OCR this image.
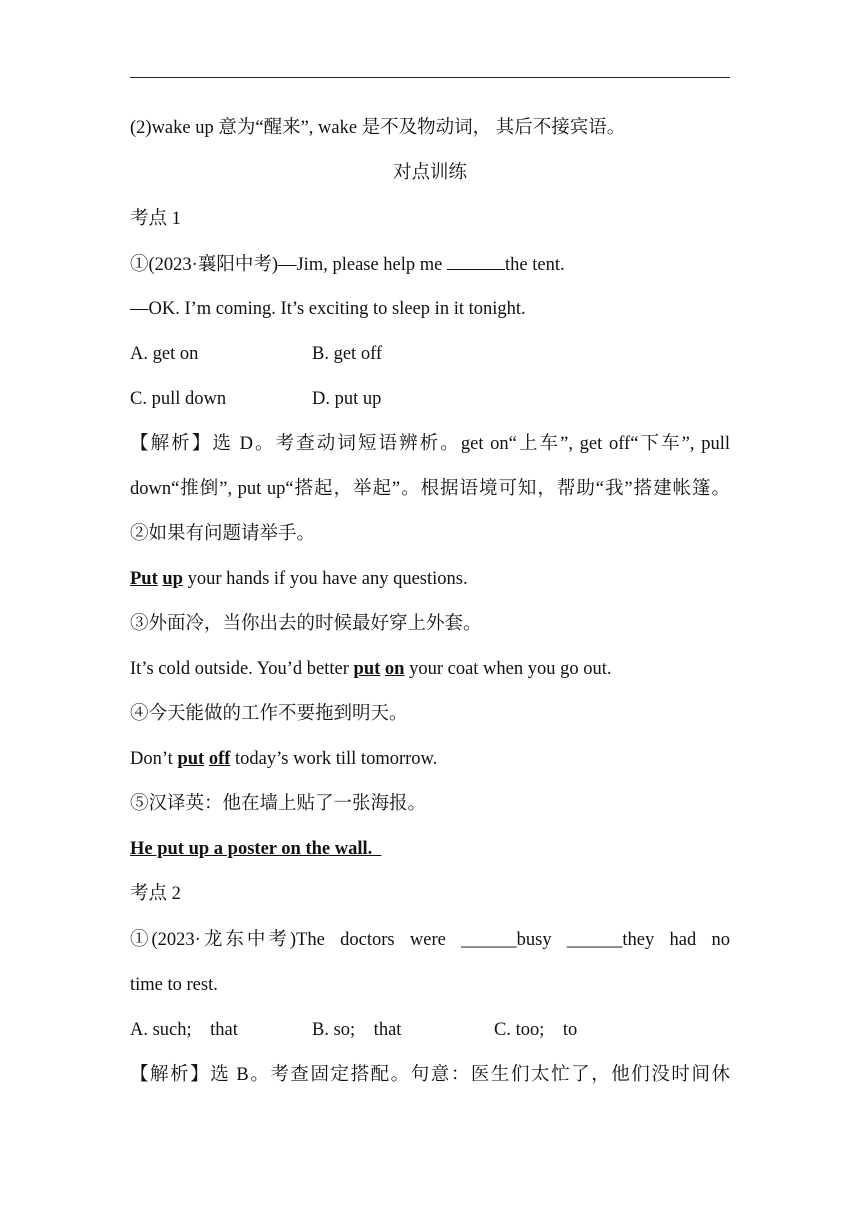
(2)wake up 意为“醒来”, wake 是不及物动词， 其后不接宾语。
对点训练
考点 1
①(2023·襄阳中考)—Jim, please help me	the tent.
—OK. I’m coming. It’s exciting to sleep in it tonight.
A. get on	B. get off
C. pull down	D. put up
【解析】选 D。考查动词短语辨析。get on“上车”, get off“下车”, pull
down“推倒”, put up“搭起，举起”。根据语境可知，帮助“我”搭建帐篷。
②如果有问题请举手。
Put up your hands if you have any questions.
③外面冷，当你出去的时候最好穿上外套。
It’s cold outside. You’d better put on your coat when you go out.
④今天能做的工作不要拖到明天。
Don’t put off today’s work till tomorrow.
⑤汉译英：他在墙上贴了一张海报。
He put up a poster on the wall.
考点 2
①(2023·龙东中考)The  doctors  were  ______busy  ______they  had  no
time to rest.
A. such;    that	B. so;    that	C. too;    to
【解析】选 B。考查固定搭配。句意：医生们太忙了，他们没时间休
